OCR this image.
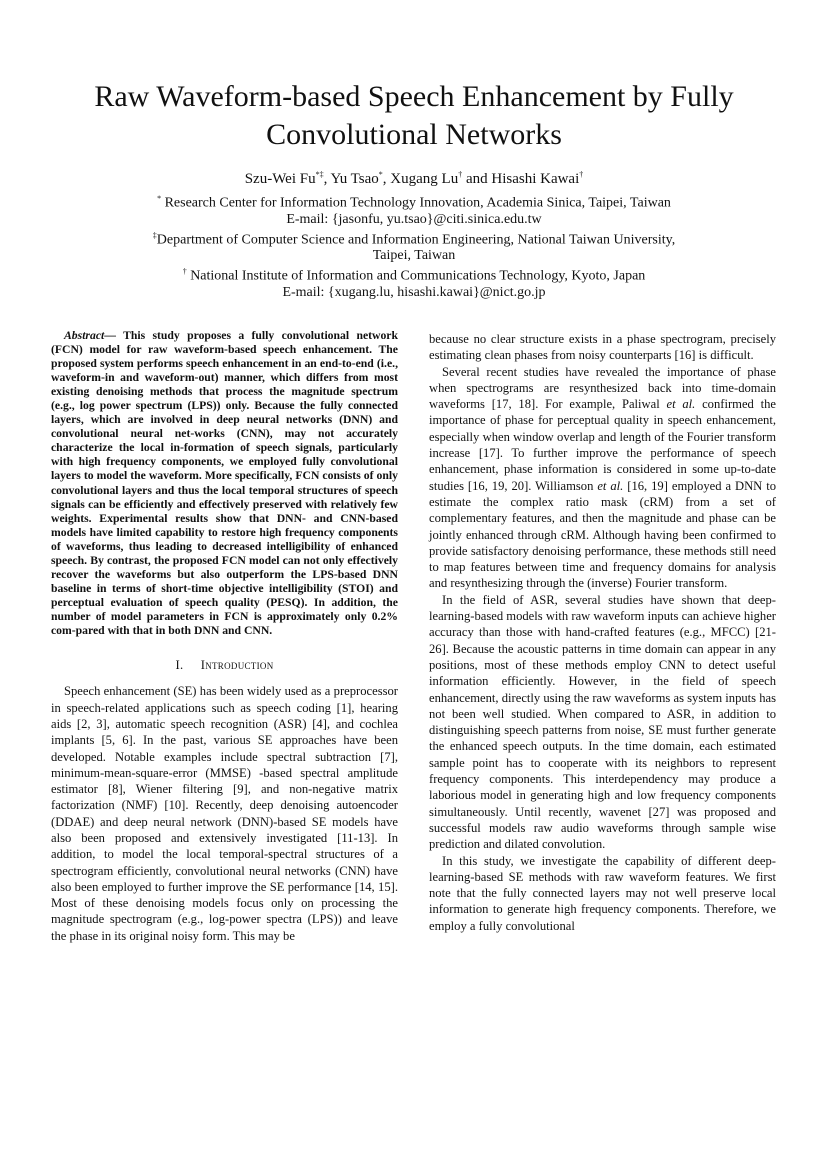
Raw Waveform-based Speech Enhancement by Fully
Convolutional Networks
Szu-Wei Fu*‡, Yu Tsao*, Xugang Lu† and Hisashi Kawai†
* Research Center for Information Technology Innovation, Academia Sinica, Taipei, Taiwan
E-mail: {jasonfu, yu.tsao}@citi.sinica.edu.tw
‡Department of Computer Science and Information Engineering, National Taiwan University,
Taipei, Taiwan
† National Institute of Information and Communications Technology, Kyoto, Japan
E-mail: {xugang.lu, hisashi.kawai}@nict.go.jp

Abstract— This study proposes a fully convolutional network (FCN) model for raw waveform-based speech enhancement. The proposed system performs speech enhancement in an end-to-end (i.e., waveform-in and waveform-out) manner, which differs from most existing denoising methods that process the magnitude spectrum (e.g., log power spectrum (LPS)) only. Because the fully connected layers, which are involved in deep neural networks (DNN) and convolutional neural net-works (CNN), may not accurately characterize the local in-formation of speech signals, particularly with high frequency components, we employed fully convolutional layers to model the waveform. More specifically, FCN consists of only convolutional layers and thus the local temporal structures of speech signals can be efficiently and effectively preserved with relatively few weights. Experimental results show that DNN- and CNN-based models have limited capability to restore high frequency components of waveforms, thus leading to decreased intelligibility of enhanced speech. By contrast, the proposed FCN model can not only effectively recover the waveforms but also outperform the LPS-based DNN baseline in terms of short-time objective intelligibility (STOI) and perceptual evaluation of speech quality (PESQ). In addition, the number of model parameters in FCN is approximately only 0.2% com-pared with that in both DNN and CNN.

I. Introduction

Speech enhancement (SE) has been widely used as a preprocessor in speech-related applications such as speech coding [1], hearing aids [2, 3], automatic speech recognition (ASR) [4], and cochlea implants [5, 6]. In the past, various SE approaches have been developed. Notable examples include spectral subtraction [7], minimum-mean-square-error (MMSE) -based spectral amplitude estimator [8], Wiener filtering [9], and non-negative matrix factorization (NMF) [10]. Recently, deep denoising autoencoder (DDAE) and deep neural network (DNN)-based SE models have also been proposed and extensively investigated [11-13]. In addition, to model the local temporal-spectral structures of a spectrogram efficiently, convolutional neural networks (CNN) have also been employed to further improve the SE performance [14, 15]. Most of these denoising models focus only on processing the magnitude spectrogram (e.g., log-power spectra (LPS)) and leave the phase in its original noisy form. This may be

because no clear structure exists in a phase spectrogram, precisely estimating clean phases from noisy counterparts [16] is difficult.

Several recent studies have revealed the importance of phase when spectrograms are resynthesized back into time-domain waveforms [17, 18]. For example, Paliwal et al. confirmed the importance of phase for perceptual quality in speech enhancement, especially when window overlap and length of the Fourier transform increase [17]. To further improve the performance of speech enhancement, phase information is considered in some up-to-date studies [16, 19, 20]. Williamson et al. [16, 19] employed a DNN to estimate the complex ratio mask (cRM) from a set of complementary features, and then the magnitude and phase can be jointly enhanced through cRM. Although having been confirmed to provide satisfactory denoising performance, these methods still need to map features between time and frequency domains for analysis and resynthesizing through the (inverse) Fourier transform.

In the field of ASR, several studies have shown that deep-learning-based models with raw waveform inputs can achieve higher accuracy than those with hand-crafted features (e.g., MFCC) [21-26]. Because the acoustic patterns in time domain can appear in any positions, most of these methods employ CNN to detect useful information efficiently. However, in the field of speech enhancement, directly using the raw waveforms as system inputs has not been well studied. When compared to ASR, in addition to distinguishing speech patterns from noise, SE must further generate the enhanced speech outputs. In the time domain, each estimated sample point has to cooperate with its neighbors to represent frequency components. This interdependency may produce a laborious model in generating high and low frequency components simultaneously. Until recently, wavenet [27] was proposed and successful models raw audio waveforms through sample wise prediction and dilated convolution.

In this study, we investigate the capability of different deep-learning-based SE methods with raw waveform features. We first note that the fully connected layers may not well preserve local information to generate high frequency components. Therefore, we employ a fully convolutional
